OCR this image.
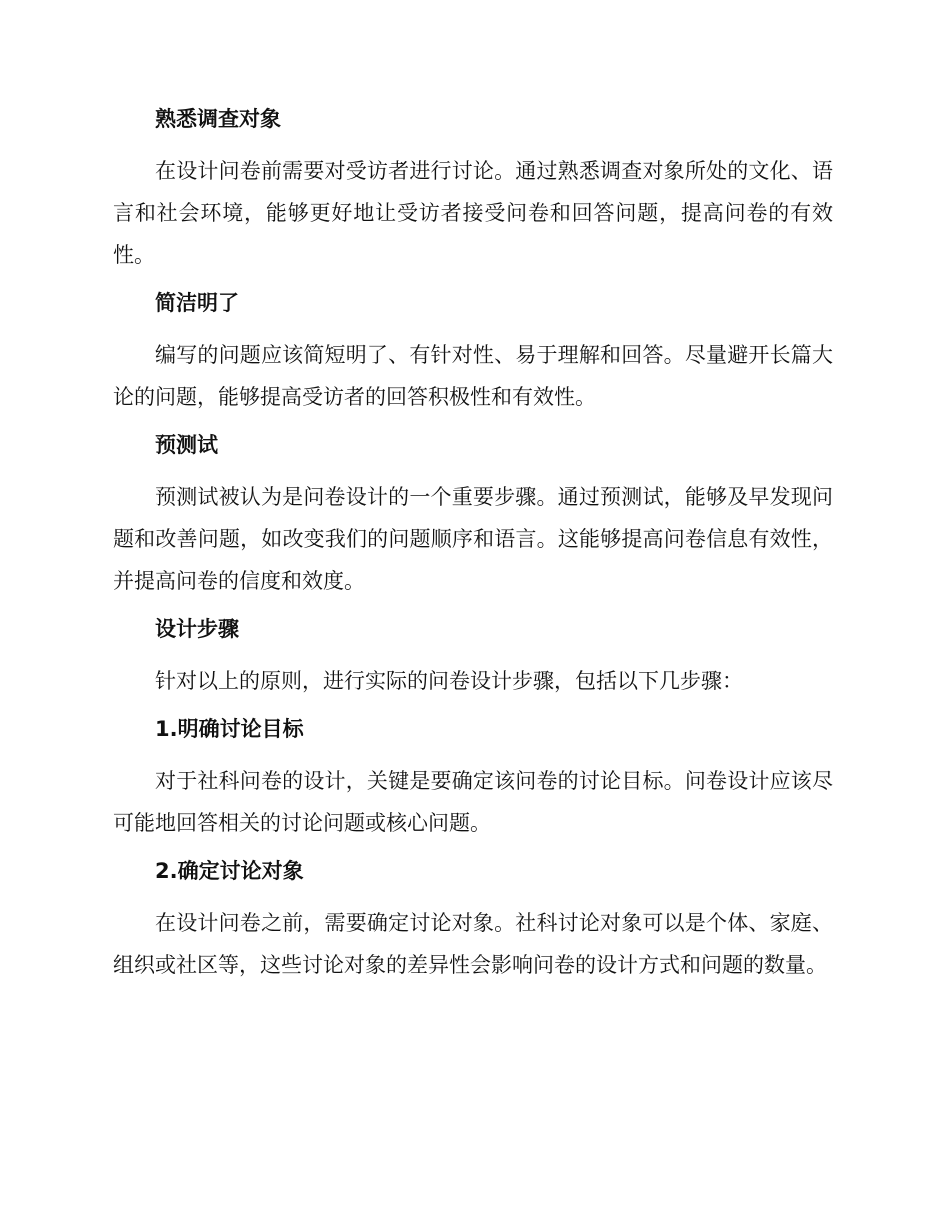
熟悉调查对象
在设计问卷前需要对受访者进行讨论。通过熟悉调查对象所处的文化、语言和社会环境，能够更好地让受访者接受问卷和回答问题，提高问卷的有效性。
简洁明了
编写的问题应该简短明了、有针对性、易于理解和回答。尽量避开长篇大论的问题，能够提高受访者的回答积极性和有效性。
预测试
预测试被认为是问卷设计的一个重要步骤。通过预测试，能够及早发现问题和改善问题，如改变我们的问题顺序和语言。这能够提高问卷信息有效性，并提高问卷的信度和效度。
设计步骤
针对以上的原则，进行实际的问卷设计步骤，包括以下几步骤：
1.明确讨论目标
对于社科问卷的设计，关键是要确定该问卷的讨论目标。问卷设计应该尽可能地回答相关的讨论问题或核心问题。
2.确定讨论对象
在设计问卷之前，需要确定讨论对象。社科讨论对象可以是个体、家庭、组织或社区等，这些讨论对象的差异性会影响问卷的设计方式和问题的数量。
